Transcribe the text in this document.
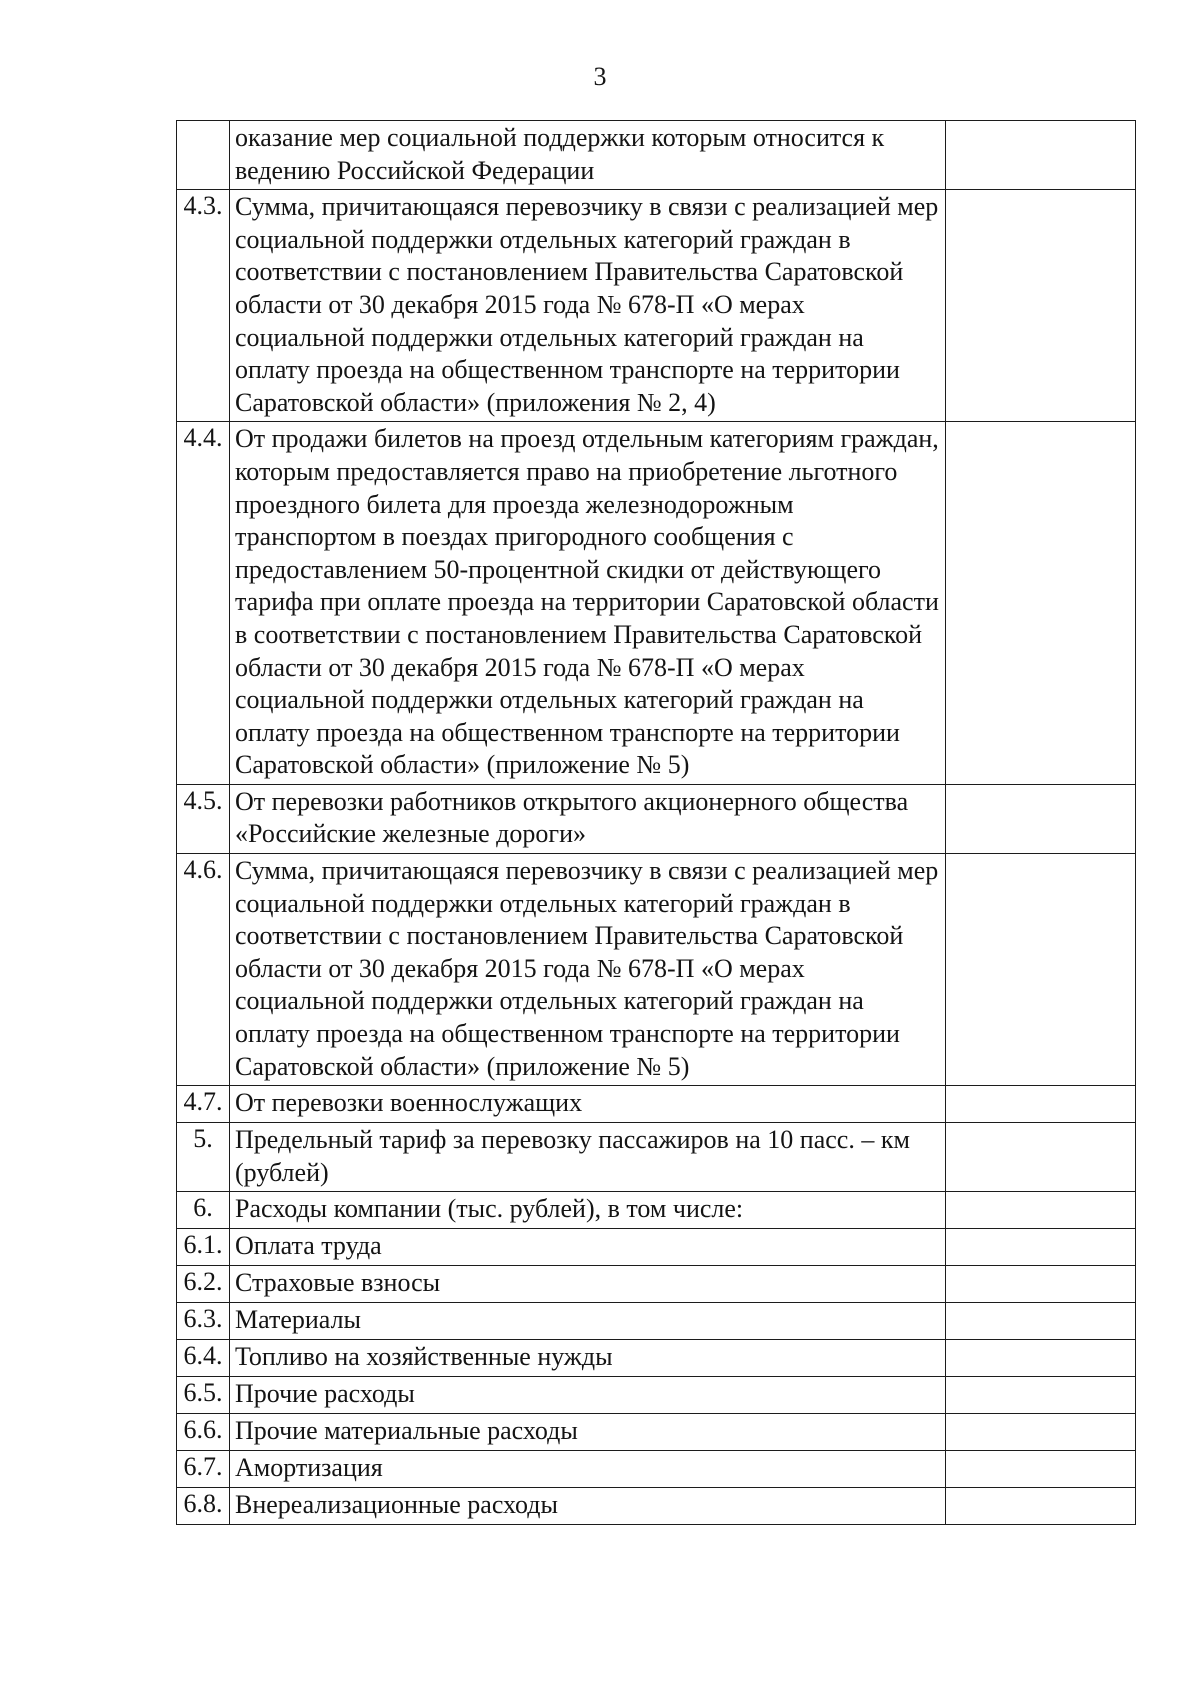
3
	оказание мер социальной поддержки которым относится к ведению Российской Федерации	
4.3.	Сумма, причитающаяся перевозчику в связи с реализацией мер социальной поддержки отдельных категорий граждан в соответствии с постановлением Правительства Саратовской области от 30 декабря 2015 года № 678-П «О мерах социальной поддержки отдельных категорий граждан на оплату проезда на общественном транспорте на территории Саратовской области» (приложения № 2, 4)	
4.4.	От продажи билетов на проезд отдельным категориям граждан, которым предоставляется право на приобретение льготного проездного билета для проезда железнодорожным транспортом в поездах пригородного сообщения с предоставлением 50-процентной скидки от действующего тарифа при оплате проезда на территории Саратовской области в соответствии с постановлением Правительства Саратовской области от 30 декабря 2015 года № 678-П «О мерах социальной поддержки отдельных категорий граждан на оплату проезда на общественном транспорте на территории Саратовской области» (приложение № 5)	
4.5.	От перевозки работников открытого акционерного общества «Российские железные дороги»	
4.6.	Сумма, причитающаяся перевозчику в связи с реализацией мер социальной поддержки отдельных категорий граждан в соответствии с постановлением Правительства Саратовской области от 30 декабря 2015 года № 678-П «О мерах социальной поддержки отдельных категорий граждан на оплату проезда на общественном транспорте на территории Саратовской области» (приложение № 5)	
4.7.	От перевозки военнослужащих	
5.	Предельный тариф за перевозку пассажиров на 10 пасс. – км (рублей)	
6.	Расходы компании (тыс. рублей), в том числе:	
6.1.	Оплата труда	
6.2.	Страховые взносы	
6.3.	Материалы	
6.4.	Топливо на хозяйственные нужды	
6.5.	Прочие расходы	
6.6.	Прочие материальные расходы	
6.7.	Амортизация	
6.8.	Внереализационные расходы	
